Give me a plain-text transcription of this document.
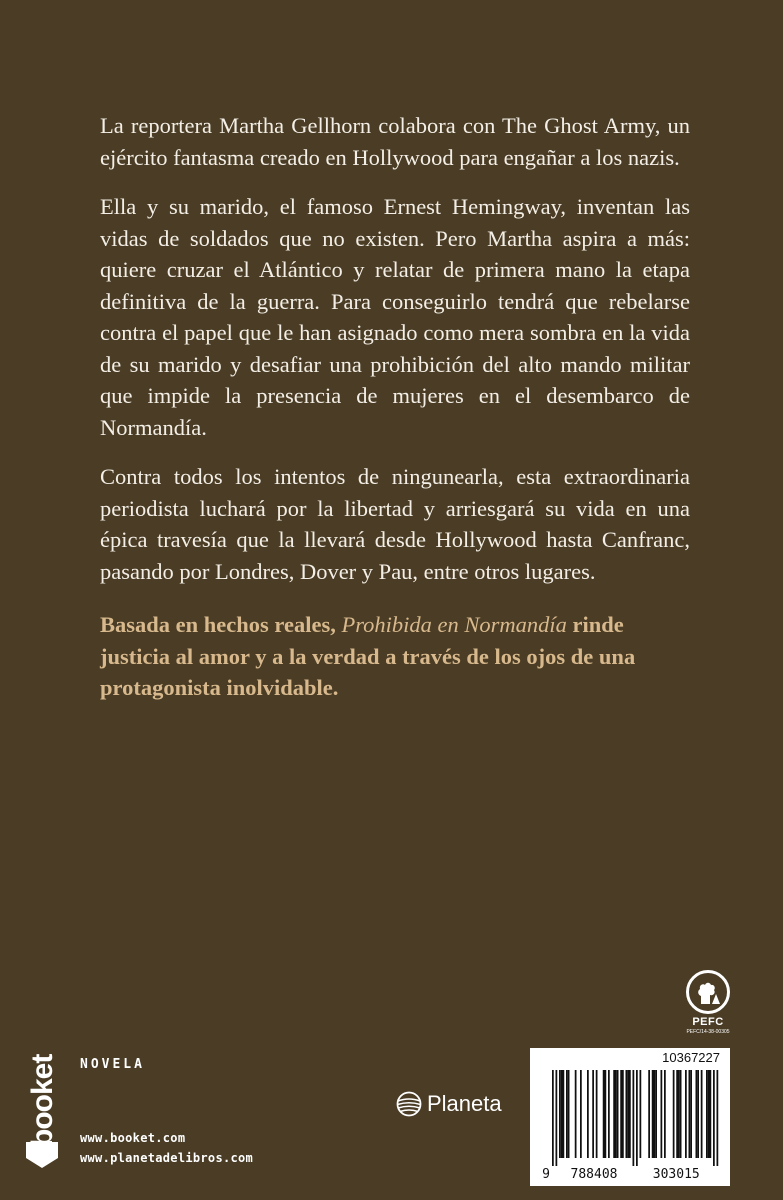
La reportera Martha Gellhorn colabora con The Ghost Army, un ejército fantasma creado en Hollywood para engañar a los nazis.

Ella y su marido, el famoso Ernest Hemingway, inventan las vidas de soldados que no existen. Pero Martha aspira a más: quiere cruzar el Atlántico y relatar de primera mano la etapa definitiva de la guerra. Para conseguirlo tendrá que rebelarse contra el papel que le han asignado como mera sombra en la vida de su marido y desafiar una prohibición del alto mando militar que impide la presencia de mujeres en el desembarco de Normandía.

Contra todos los intentos de ningunearla, esta extraordinaria periodista luchará por la libertad y arriesgará su vida en una épica travesía que la llevará desde Hollywood hasta Canfranc, pasando por Londres, Dover y Pau, entre otros lugares.

Basada en hechos reales, Prohibida en Normandía rinde justicia al amor y a la verdad a través de los ojos de una protagonista inolvidable.

PEFC
PEFC/14-38-00305
booket	NOVELA
www.booket.com
www.planetadelibros.com
Planeta
10367227
9 788408	303015
